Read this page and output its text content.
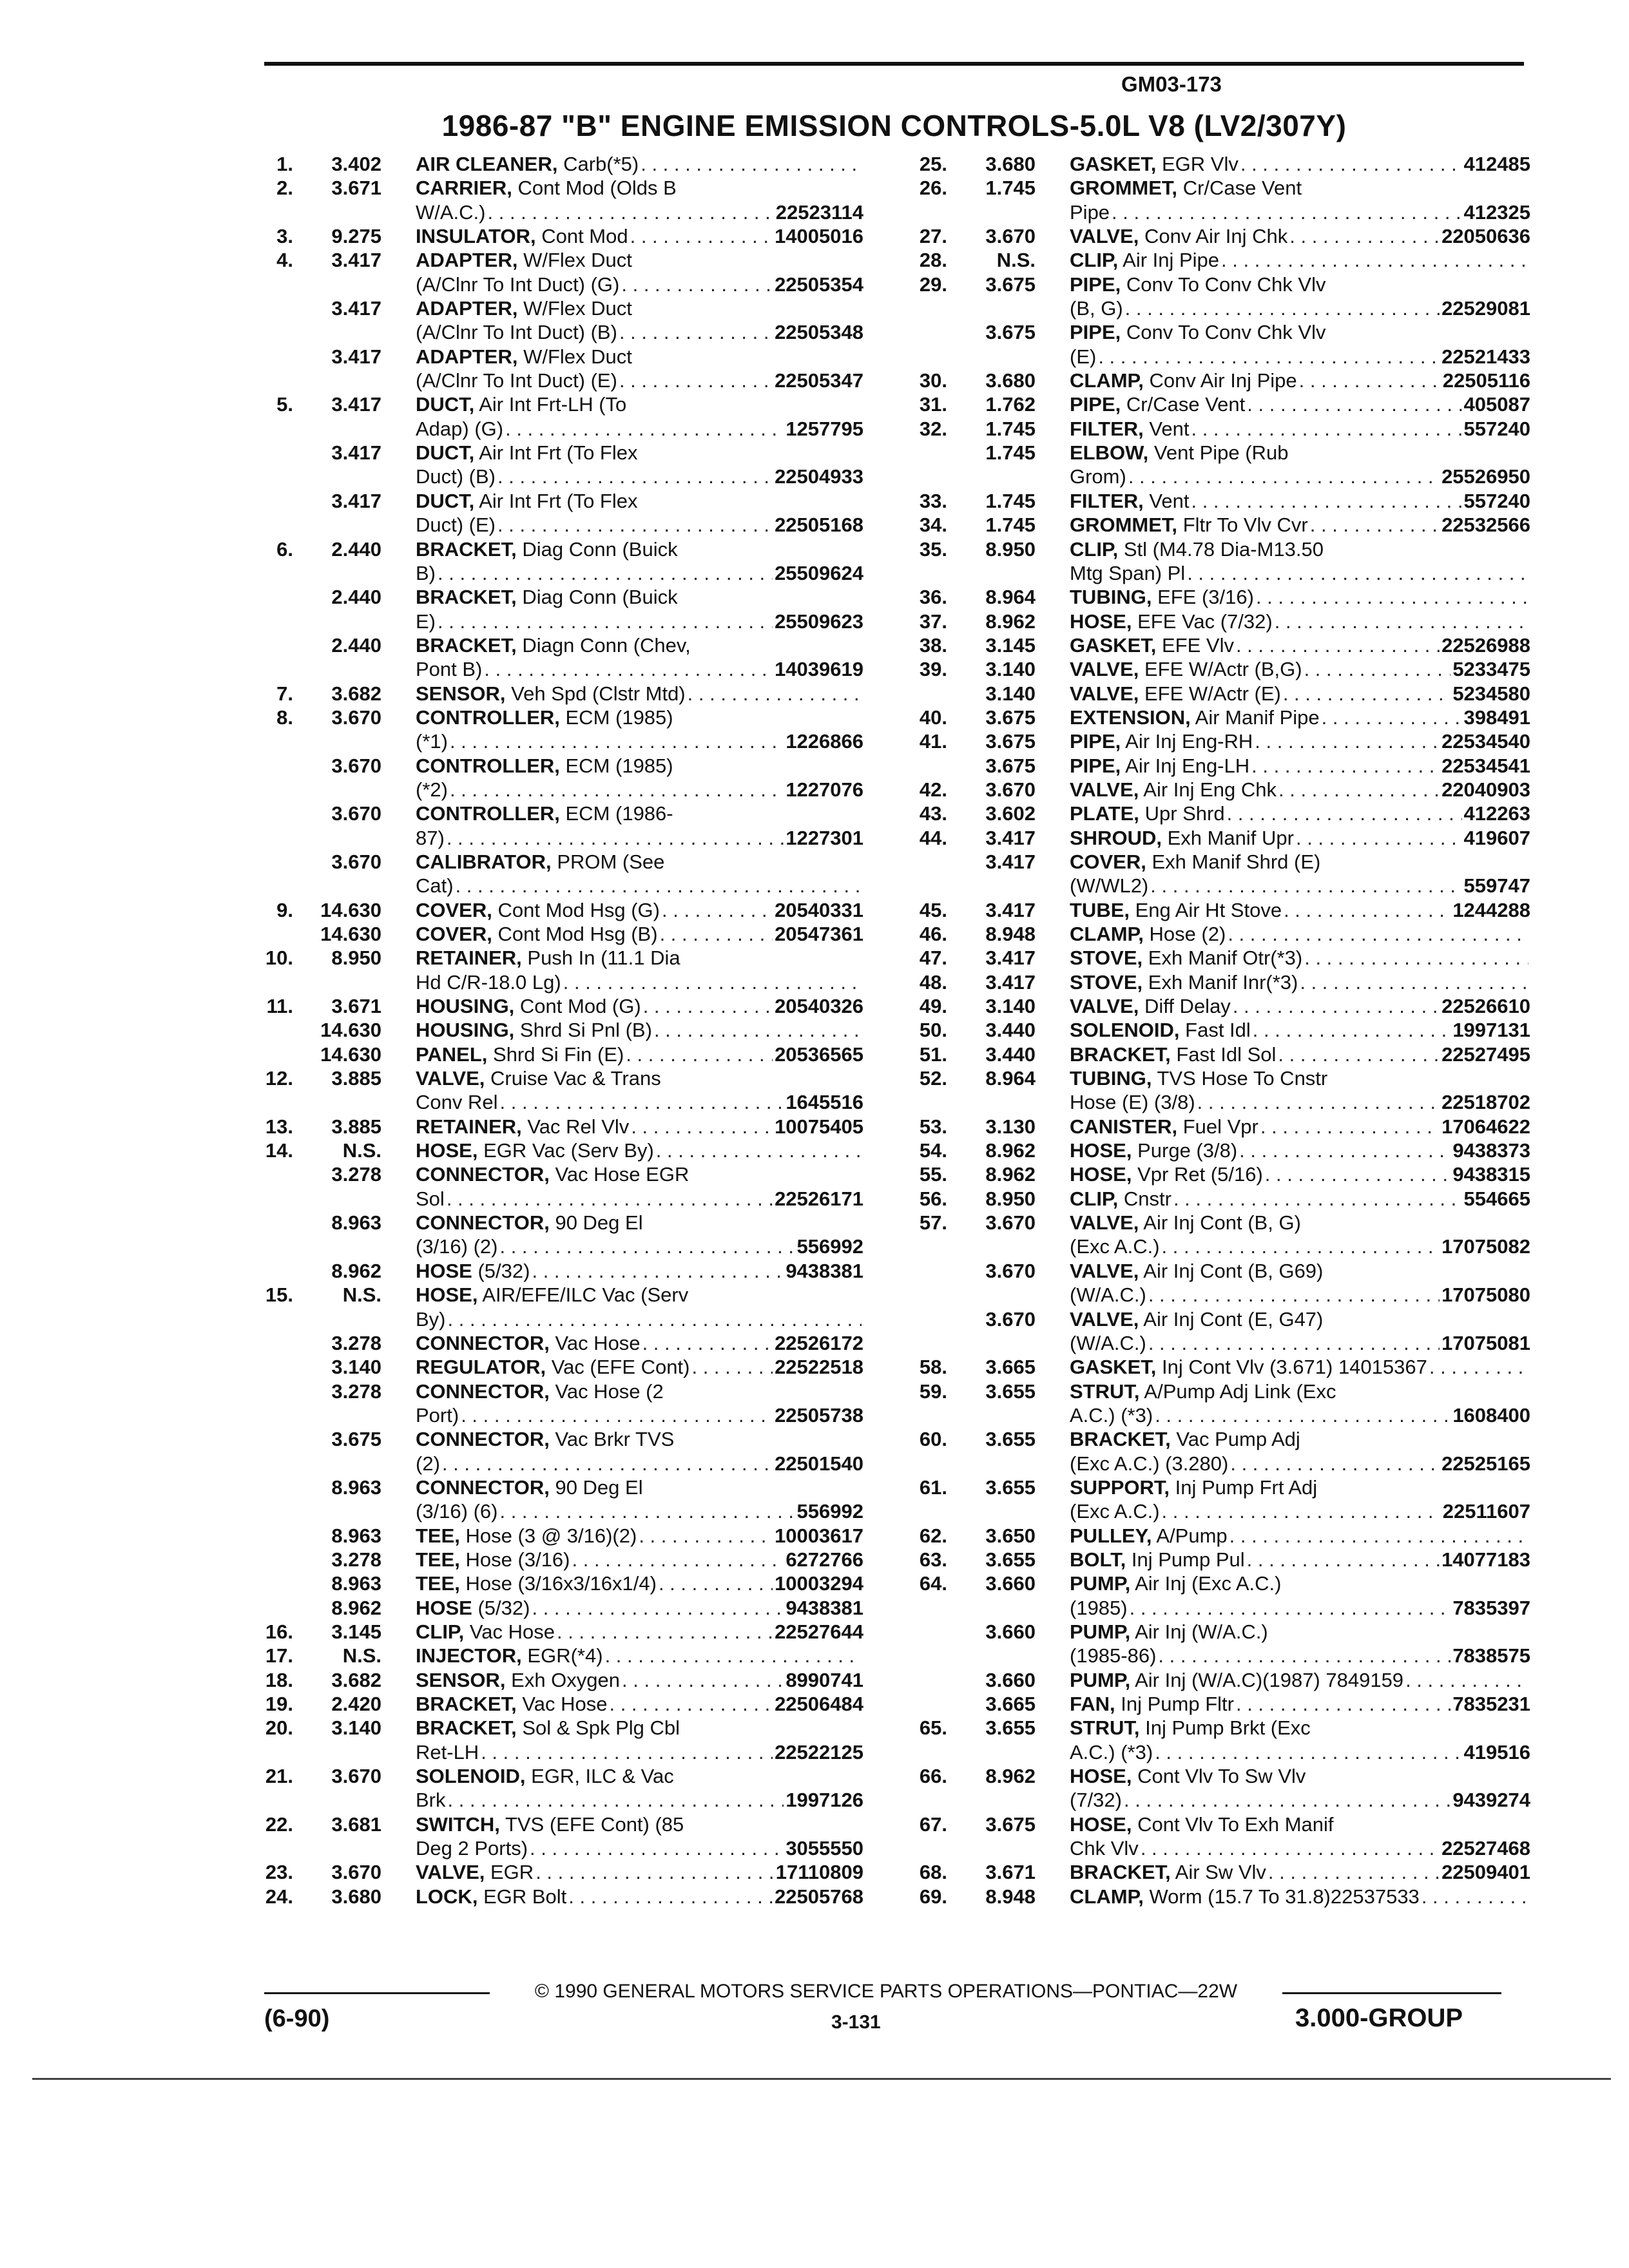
GM03-173
1986-87 "B" ENGINE EMISSION CONTROLS-5.0L V8 (LV2/307Y)
1.	3.402 AIR CLEANER, Carb(*5)
. . .
2.	3.671 CARRIER, Cont Mod (Olds B
W/A.C.) . . .	22523114
3.	9.275 INSULATOR, Cont Mod . . .	14005016
4.	3.417 ADAPTER, W/Flex Duct
(A/Clnr To Int Duct) (G) . . .	22505354
3.417 ADAPTER, W/Flex Duct
(A/Clnr To Int Duct) (B) . . .	22505348
3.417 ADAPTER, W/Flex Duct
(A/Clnr To Int Duct) (E) . . .	22505347
5.	3.417 DUCT, Air Int Frt-LH (To
Adap) (G) . . .	1257795
3.417 DUCT, Air Int Frt (To Flex
Duct) (B) . . .	22504933
3.417 DUCT, Air Int Frt (To Flex
Duct) (E) . . .	22505168
6.	2.440 BRACKET, Diag Conn (Buick
B) . . .	25509624
2.440 BRACKET, Diag Conn (Buick
E) . . .	25509623
2.440 BRACKET, Diagn Conn (Chev,
Pont B) . . .	14039619
7.	3.682 SENSOR, Veh Spd (Clstr Mtd)
. . .
8.	3.670 CONTROLLER, ECM (1985)
(*1) . . .	1226866
3.670 CONTROLLER, ECM (1985)
(*2) . . .	1227076
3.670 CONTROLLER, ECM (1986-
87) . . .	1227301
3.670 CALIBRATOR, PROM (See
Cat)
. . .
9.	14.630 COVER, Cont Mod Hsg (G) . . .	20540331
14.630 COVER, Cont Mod Hsg (B) . . .	20547361
10.	8.950 RETAINER, Push In (11.1 Dia
Hd C/R-18.0 Lg)
. . .
11.	3.671 HOUSING, Cont Mod (G) . . .	20540326
14.630 HOUSING, Shrd Si Pnl (B)
. . .
14.630 PANEL, Shrd Si Fin (E) . . .	20536565
12.	3.885 VALVE, Cruise Vac & Trans
Conv Rel . . .	1645516
13.	3.885 RETAINER, Vac Rel Vlv . . .	10075405
14.	N.S. HOSE, EGR Vac (Serv By)
. . .
3.278 CONNECTOR, Vac Hose EGR
Sol . . .	22526171
8.963 CONNECTOR, 90 Deg El
(3/16) (2) . . .	556992
8.962 HOSE (5/32) . . .	9438381
15.	N.S. HOSE, AIR/EFE/ILC Vac (Serv
By)
. . .
3.278 CONNECTOR, Vac Hose . . .	22526172
3.140 REGULATOR, Vac (EFE Cont) . . .	22522518
3.278 CONNECTOR, Vac Hose (2
Port) . . .	22505738
3.675 CONNECTOR, Vac Brkr TVS
(2) . . .	22501540
8.963 CONNECTOR, 90 Deg El
(3/16) (6) . . .	556992
8.963 TEE, Hose (3 @ 3/16)(2) . . .	10003617
3.278 TEE, Hose (3/16) . . .	6272766
8.963 TEE, Hose (3/16x3/16x1/4) . . .	10003294
8.962 HOSE (5/32) . . .	9438381
16.	3.145 CLIP, Vac Hose . . .	22527644
17.	N.S. INJECTOR, EGR(*4)
. . .
18.	3.682 SENSOR, Exh Oxygen . . .	8990741
19.	2.420 BRACKET, Vac Hose . . .	22506484
20.	3.140 BRACKET, Sol & Spk Plg Cbl
Ret-LH . . .	22522125
21.	3.670 SOLENOID, EGR, ILC & Vac
Brk . . .	1997126
22.	3.681 SWITCH, TVS (EFE Cont) (85
Deg 2 Ports) . . .	3055550
23.	3.670 VALVE, EGR . . .	17110809
24.	3.680 LOCK, EGR Bolt . . .	22505768
25.	3.680 GASKET, EGR Vlv . . .	412485
26.	1.745 GROMMET, Cr/Case Vent
Pipe . . .	412325
27.	3.670 VALVE, Conv Air Inj Chk . . .	22050636
28.	N.S. CLIP, Air Inj Pipe
. . .
29.	3.675 PIPE, Conv To Conv Chk Vlv
(B, G) . . .	22529081
3.675 PIPE, Conv To Conv Chk Vlv
(E) . . .	22521433
30.	3.680 CLAMP, Conv Air Inj Pipe . . .	22505116
31.	1.762 PIPE, Cr/Case Vent . . .	405087
32.	1.745 FILTER, Vent . . .	557240
1.745 ELBOW, Vent Pipe (Rub
Grom) . . .	25526950
33.	1.745 FILTER, Vent . . .	557240
34.	1.745 GROMMET, Fltr To Vlv Cvr . . .	22532566
35.	8.950 CLIP, Stl (M4.78 Dia-M13.50
Mtg Span) Pl
. . .
36.	8.964 TUBING, EFE (3/16)
. . .
37.	8.962 HOSE, EFE Vac (7/32)
. . .
38.	3.145 GASKET, EFE Vlv . . .	22526988
39.	3.140 VALVE, EFE W/Actr (B,G) . . .	5233475
3.140 VALVE, EFE W/Actr (E) . . .	5234580
40.	3.675 EXTENSION, Air Manif Pipe . . .	398491
41.	3.675 PIPE, Air Inj Eng-RH . . .	22534540
3.675 PIPE, Air Inj Eng-LH . . .	22534541
42.	3.670 VALVE, Air Inj Eng Chk . . .	22040903
43.	3.602 PLATE, Upr Shrd . . .	412263
44.	3.417 SHROUD, Exh Manif Upr . . .	419607
3.417 COVER, Exh Manif Shrd (E)
(W/WL2) . . .	559747
45.	3.417 TUBE, Eng Air Ht Stove . . .	1244288
46.	8.948 CLAMP, Hose (2)
. . .
47.	3.417 STOVE, Exh Manif Otr(*3)
. . .
48.	3.417 STOVE, Exh Manif Inr(*3)
. . .
49.	3.140 VALVE, Diff Delay . . .	22526610
50.	3.440 SOLENOID, Fast Idl . . .	1997131
51.	3.440 BRACKET, Fast Idl Sol . . .	22527495
52.	8.964 TUBING, TVS Hose To Cnstr
Hose (E) (3/8) . . .	22518702
53.	3.130 CANISTER, Fuel Vpr . . .	17064622
54.	8.962 HOSE, Purge (3/8) . . .	9438373
55.	8.962 HOSE, Vpr Ret (5/16) . . .	9438315
56.	8.950 CLIP, Cnstr . . .	554665
57.	3.670 VALVE, Air Inj Cont (B, G)
(Exc A.C.) . . .	17075082
3.670 VALVE, Air Inj Cont (B, G69)
(W/A.C.) . . .	17075080
3.670 VALVE, Air Inj Cont (E, G47)
(W/A.C.) . . .	17075081
58.	3.665 GASKET, Inj Cont Vlv (3.671) 14015367
. . .
59.	3.655 STRUT, A/Pump Adj Link (Exc
A.C.) (*3) . . .	1608400
60.	3.655 BRACKET, Vac Pump Adj
(Exc A.C.) (3.280) . . .	22525165
61.	3.655 SUPPORT, Inj Pump Frt Adj
(Exc A.C.) . . .	22511607
62.	3.650 PULLEY, A/Pump
. . .
63.	3.655 BOLT, Inj Pump Pul . . .	14077183
64.	3.660 PUMP, Air Inj (Exc A.C.)
(1985) . . .	7835397
3.660 PUMP, Air Inj (W/A.C.)
(1985-86) . . .	7838575
3.660 PUMP, Air Inj (W/A.C)(1987) 7849159
. . .
3.665 FAN, Inj Pump Fltr . . .	7835231
65.	3.655 STRUT, Inj Pump Brkt (Exc
A.C.) (*3) . . .	419516
66.	8.962 HOSE, Cont Vlv To Sw Vlv
(7/32) . . .	9439274
67.	3.675 HOSE, Cont Vlv To Exh Manif
Chk Vlv . . .	22527468
68.	3.671 BRACKET, Air Sw Vlv . . .	22509401
69.	8.948 CLAMP, Worm (15.7 To 31.8)22537533
. . .
© 1990 GENERAL MOTORS SERVICE PARTS OPERATIONS—PONTIAC—22W
(6-90)	3-131	3.000-GROUP
